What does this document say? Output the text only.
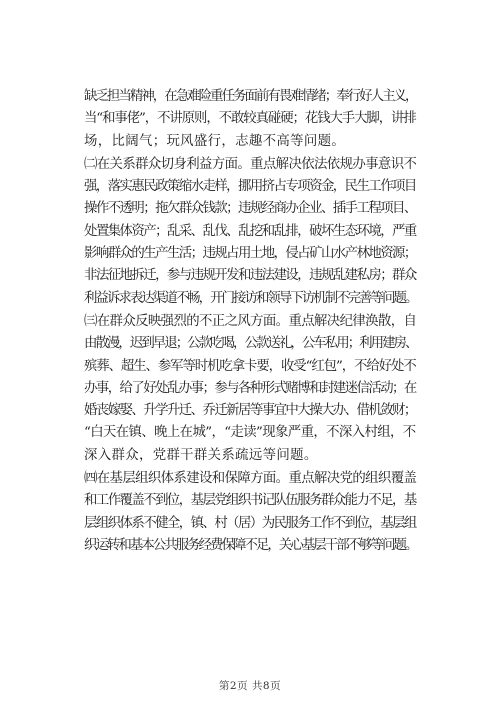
缺乏担当精神，在急难险重任务面前有畏难情绪；奉行好人主义，
当“和事佬”，不讲原则，不敢较真碰硬；花钱大手大脚，讲排
场，比阔气；玩风盛行，志趣不高等问题。

㈡在关系群众切身利益方面。重点解决依法依规办事意识不
强，落实惠民政策缩水走样，挪用挤占专项资金，民生工作项目
操作不透明；拖欠群众钱款；违规经商办企业、插手工程项目、
处置集体资产；乱采、乱伐、乱挖和乱排，破坏生态环境，严重
影响群众的生产生活；违规占用土地，侵占矿山水产林地资源；
非法征地拆迁，参与违规开发和违法建设，违规乱建私房；群众
利益诉求表达渠道不畅，开门接访和领导下访机制不完善等问题。

㈢在群众反映强烈的不正之风方面。重点解决纪律涣散，自
由散漫，迟到早退；公款吃喝，公款送礼，公车私用；利用建房、
殡葬、超生、参军等时机吃拿卡要，收受“红包”，不给好处不
办事，给了好处乱办事；参与各种形式赌博和封建迷信活动；在
婚丧嫁娶、升学升迁、乔迁新居等事宜中大操大办、借机敛财；
“白天在镇、晚上在城”，“走读”现象严重，不深入村组，不
深入群众，党群干群关系疏远等问题。

㈣在基层组织体系建设和保障方面。重点解决党的组织覆盖
和工作覆盖不到位，基层党组织书记队伍服务群众能力不足，基
层组织体系不健全，镇、村（居）为民服务工作不到位，基层组
织运转和基本公共服务经费保障不足，关心基层干部不够等问题。

第2页 共8页
